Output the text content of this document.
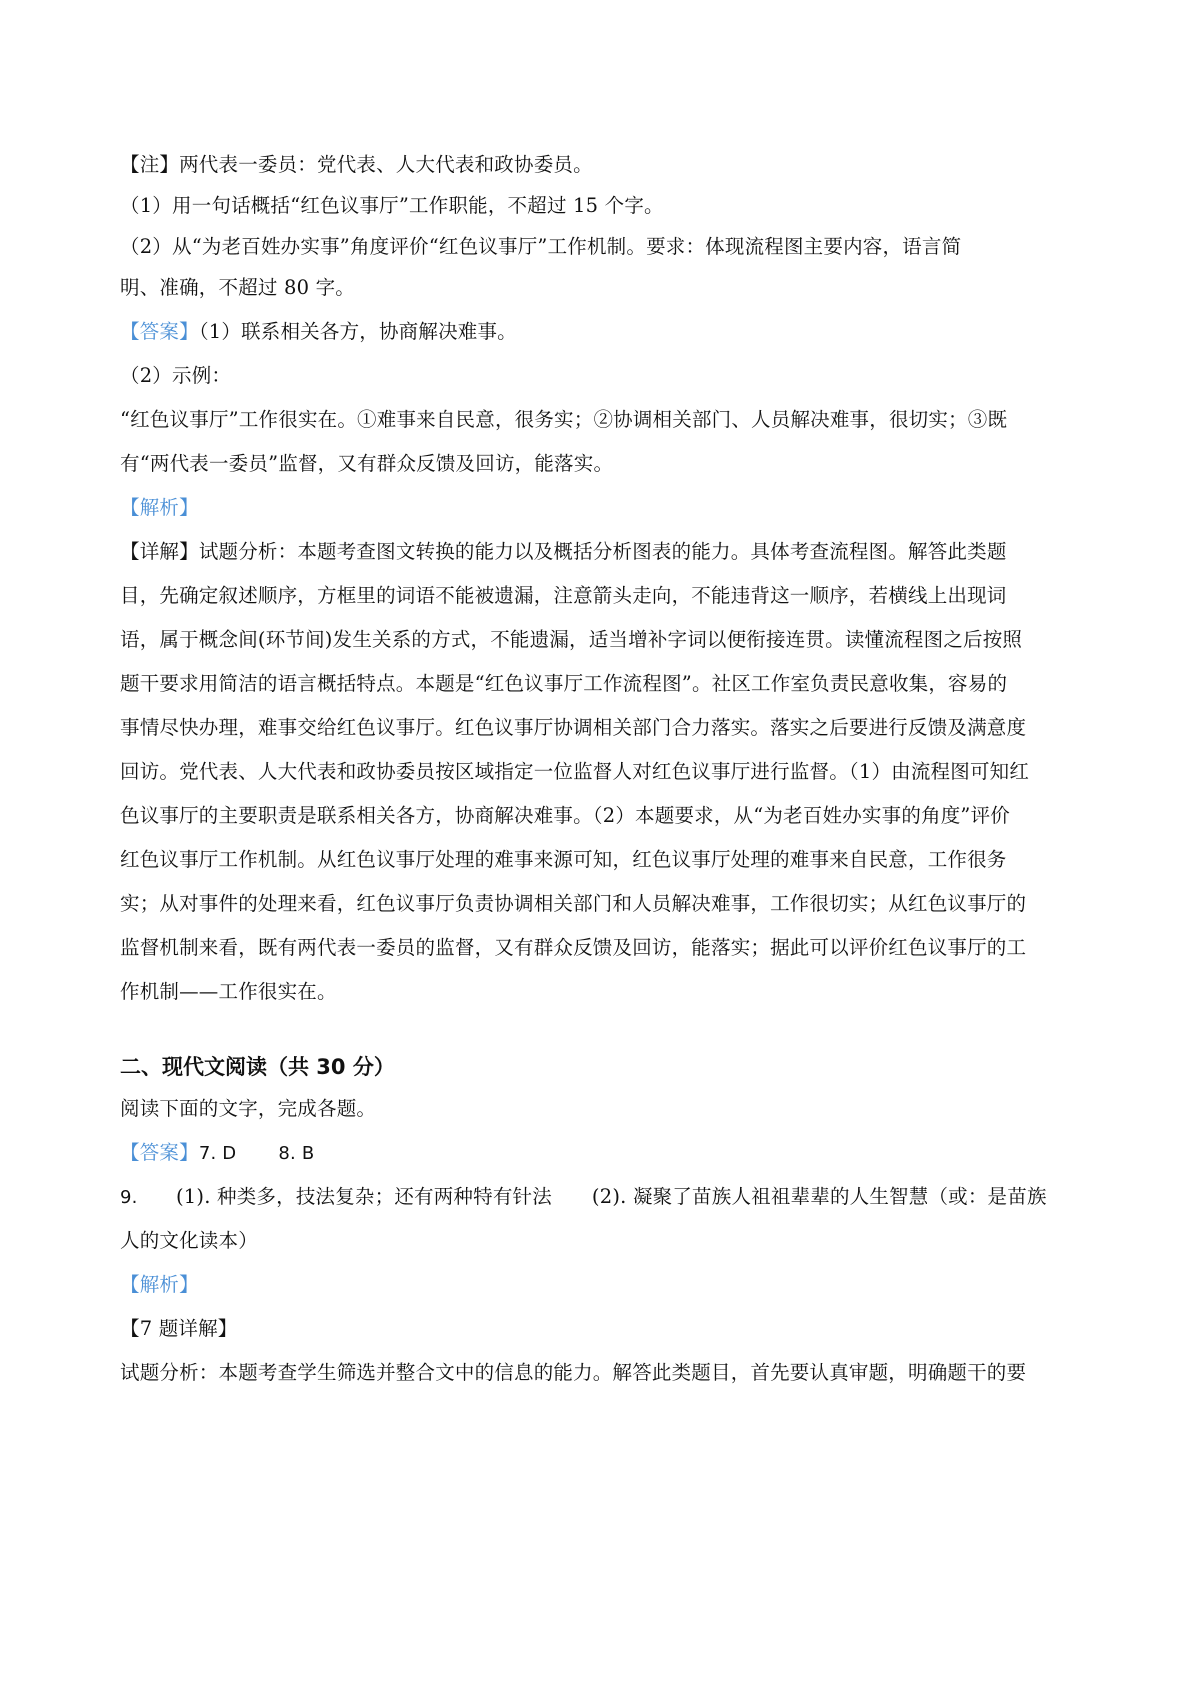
【注】两代表一委员：党代表、人大代表和政协委员。
（1）用一句话概括“红色议事厅”工作职能，不超过 15 个字。
（2）从“为老百姓办实事”角度评价“红色议事厅”工作机制。要求：体现流程图主要内容，语言简
明、准确，不超过 80 字。
【答案】（1）联系相关各方，协商解决难事。
（2）示例：
“红色议事厅”工作很实在。①难事来自民意，很务实；②协调相关部门、人员解决难事，很切实；③既
有“两代表一委员”监督，又有群众反馈及回访，能落实。
【解析】
【详解】试题分析：本题考查图文转换的能力以及概括分析图表的能力。具体考查流程图。解答此类题
目，先确定叙述顺序，方框里的词语不能被遗漏，注意箭头走向，不能违背这一顺序，若横线上出现词
语，属于概念间(环节间)发生关系的方式，不能遗漏，适当增补字词以便衔接连贯。读懂流程图之后按照
题干要求用简洁的语言概括特点。本题是“红色议事厅工作流程图”。社区工作室负责民意收集，容易的
事情尽快办理，难事交给红色议事厅。红色议事厅协调相关部门合力落实。落实之后要进行反馈及满意度
回访。党代表、人大代表和政协委员按区域指定一位监督人对红色议事厅进行监督。（1）由流程图可知红
色议事厅的主要职责是联系相关各方，协商解决难事。（2）本题要求，从“为老百姓办实事的角度”评价
红色议事厅工作机制。从红色议事厅处理的难事来源可知，红色议事厅处理的难事来自民意，工作很务
实；从对事件的处理来看，红色议事厅负责协调相关部门和人员解决难事，工作很切实；从红色议事厅的
监督机制来看，既有两代表一委员的监督，又有群众反馈及回访，能落实；据此可以评价红色议事厅的工
作机制——工作很实在。
二、现代文阅读（共 30 分）
阅读下面的文字，完成各题。
【答案】7. D 8. B
9. (1). 种类多，技法复杂；还有两种特有针法 (2). 凝聚了苗族人祖祖辈辈的人生智慧（或：是苗族
人的文化读本）
【解析】
【7 题详解】
试题分析：本题考查学生筛选并整合文中的信息的能力。解答此类题目，首先要认真审题，明确题干的要
